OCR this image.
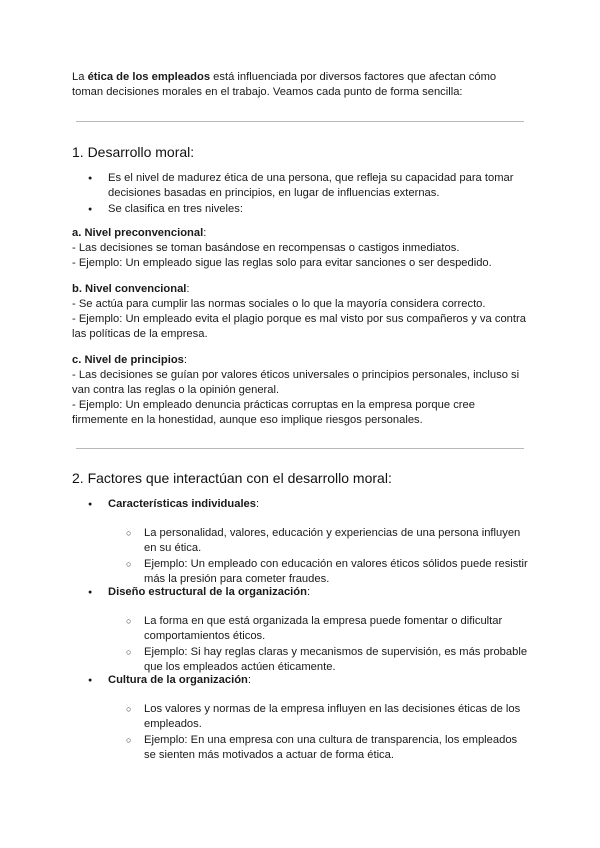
La ética de los empleados está influenciada por diversos factores que afectan cómo toman decisiones morales en el trabajo. Veamos cada punto de forma sencilla:

1. Desarrollo moral:
● Es el nivel de madurez ética de una persona, que refleja su capacidad para tomar decisiones basadas en principios, en lugar de influencias externas.
● Se clasifica en tres niveles:

a. Nivel preconvencional:

- Las decisiones se toman basándose en recompensas o castigos inmediatos.

- Ejemplo: Un empleado sigue las reglas solo para evitar sanciones o ser despedido.

b. Nivel convencional:

- Se actúa para cumplir las normas sociales o lo que la mayoría considera correcto.

- Ejemplo: Un empleado evita el plagio porque es mal visto por sus compañeros y va contra las políticas de la empresa.

c. Nivel de principios:

- Las decisiones se guían por valores éticos universales o principios personales, incluso si van contra las reglas o la opinión general.

- Ejemplo: Un empleado denuncia prácticas corruptas en la empresa porque cree firmemente en la honestidad, aunque eso implique riesgos personales.

2. Factores que interactúan con el desarrollo moral:
● Características individuales:
○ La personalidad, valores, educación y experiencias de una persona influyen en su ética.
○ Ejemplo: Un empleado con educación en valores éticos sólidos puede resistir más la presión para cometer fraudes.
● Diseño estructural de la organización:
○ La forma en que está organizada la empresa puede fomentar o dificultar comportamientos éticos.
○ Ejemplo: Si hay reglas claras y mecanismos de supervisión, es más probable que los empleados actúen éticamente.
● Cultura de la organización:
○ Los valores y normas de la empresa influyen en las decisiones éticas de los empleados.
○ Ejemplo: En una empresa con una cultura de transparencia, los empleados se sienten más motivados a actuar de forma ética.
